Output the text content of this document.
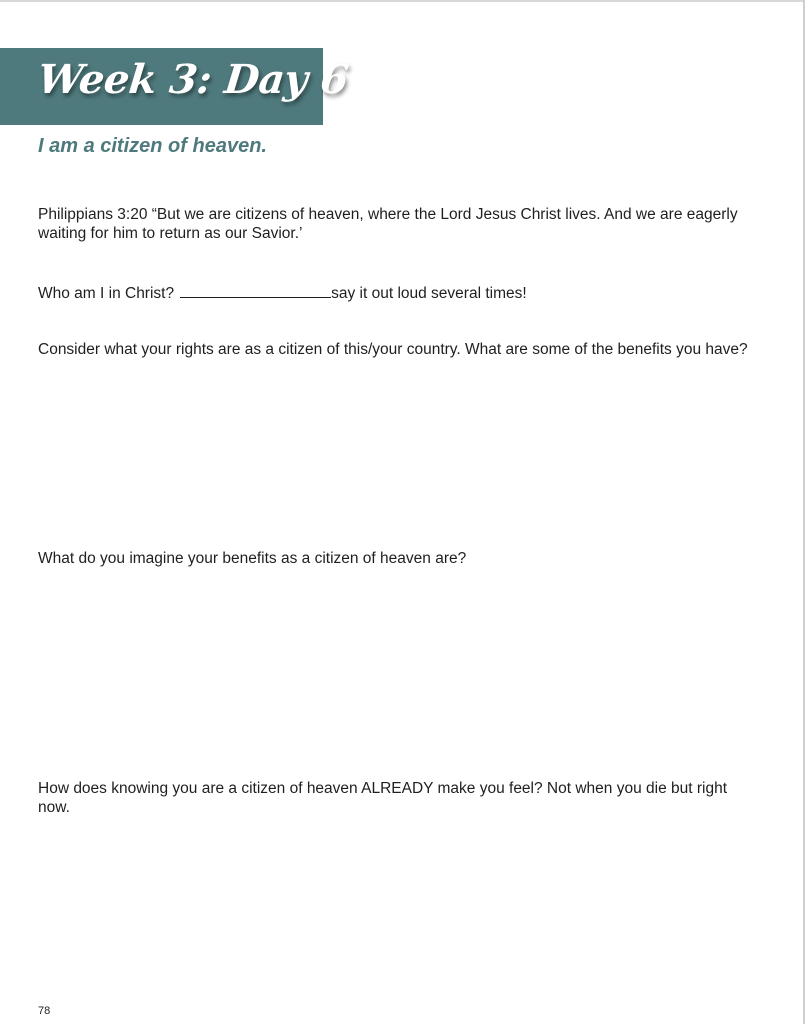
Week 3: Day 6
I am a citizen of heaven.

Philippians 3:20 “But we are citizens of heaven, where the Lord Jesus Christ lives. And we are eagerly waiting for him to return as our Savior.’

Who am I in Christ?	say it out loud several times!

Consider what your rights are as a citizen of this/your country. What are some of the benefits you have?

What do you imagine your benefits as a citizen of heaven are?

How does knowing you are a citizen of heaven ALREADY make you feel? Not when you die but right now.

78
